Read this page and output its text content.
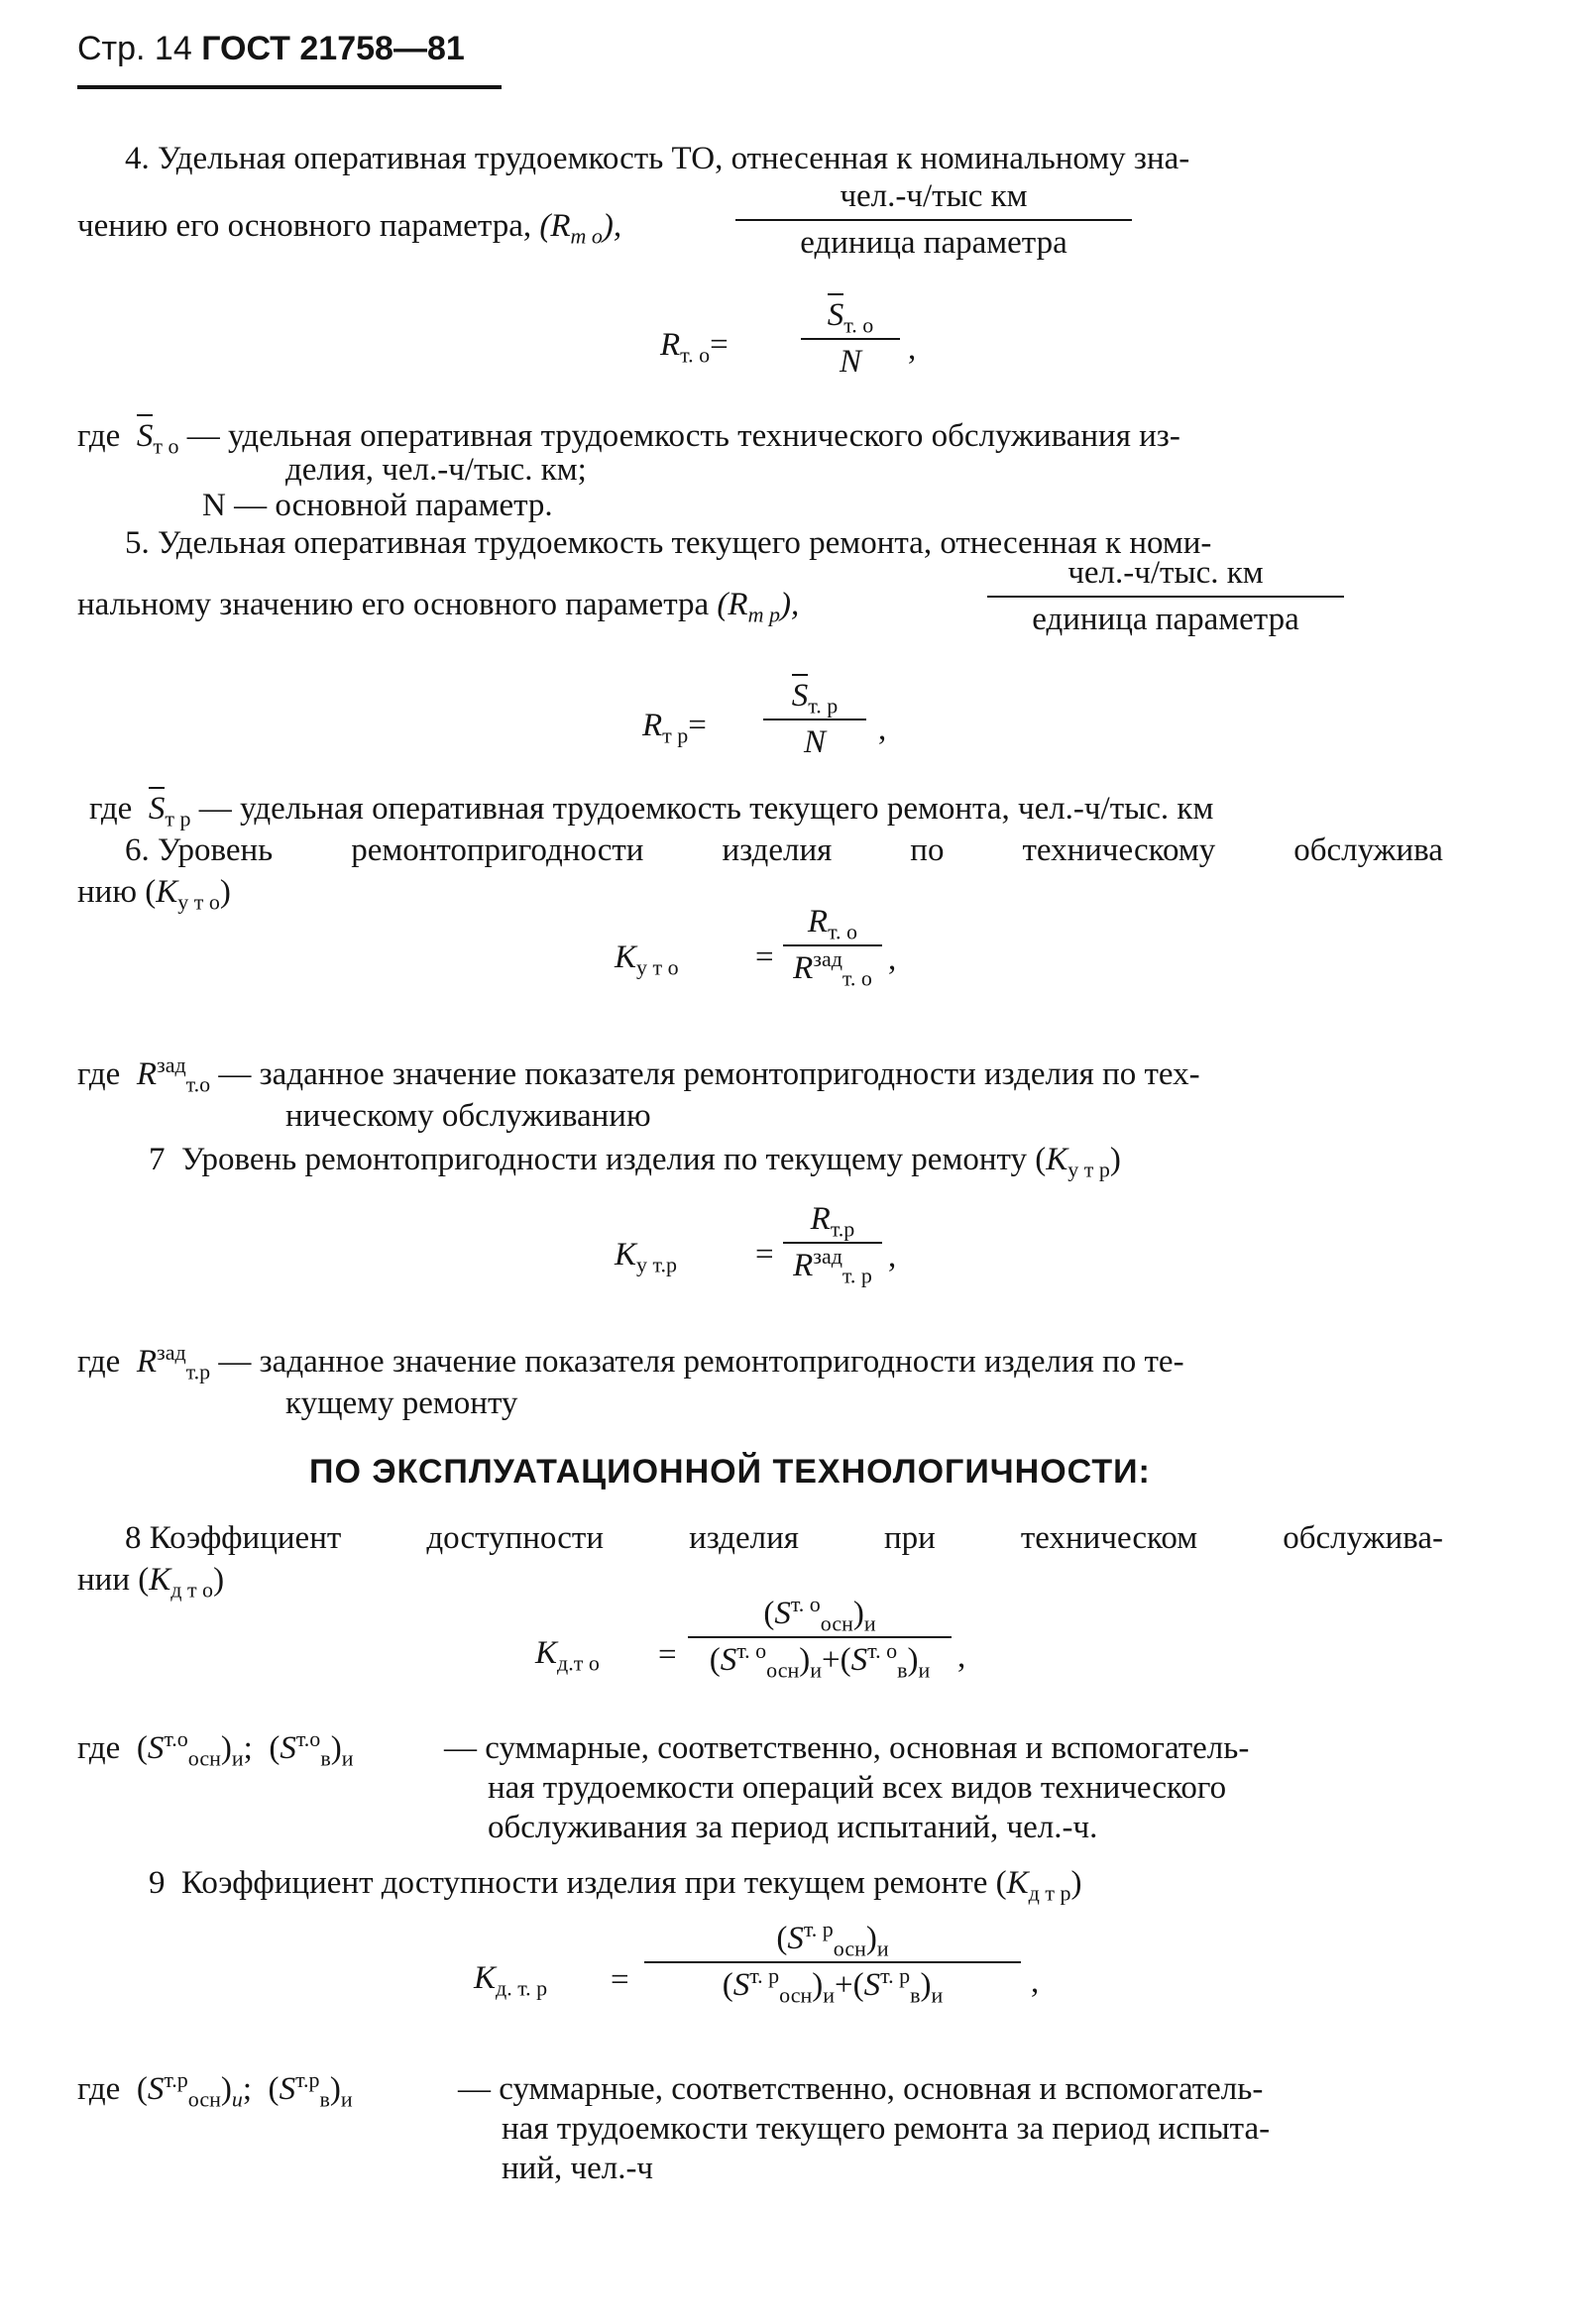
Стр. 14 ГОСТ 21758—81
4. Удельная оперативная трудоемкость ТО, отнесенная к номинальному зна-
чению его основного параметра, $(R_{т о})$,
чел.-ч/тыс км
единица параметра
$R_{т. о}=$
$S_{т. о}$
N ,
где $S_{т о}$ — удельная оперативная трудоемкость технического обслуживания из-
делия, чел.-ч/тыс. км;
N — основной параметр.
5. Удельная оперативная трудоемкость текущего ремонта, отнесенная к номи-
нальному значению его основного параметра $(R_{т р})$,
чел.-ч/тыс. км
единица параметра
$R_{т р}=$
$S_{т. р}$
N ,
где  $S_{т р}$ — удельная оперативная трудоемкость текущего ремонта, чел.-ч/тыс. км
6. Уровень ремонтопригодности изделия по техническому обслужива
нию $(K_{у т о})$
$K_{у т о}$ =
$R_{т. о}$
$R^{зад}_{т. о}$
,
где  $R^{зад}_{т.о}$ — заданное значение показателя ремонтопригодности изделия по тех-
ническому обслуживанию
7  Уровень ремонтопригодности изделия по текущему ремонту $(K_{у т р})$
$K_{у т.р}$ =
$R_{т.р}$
$R^{зад}_{т. р}$
,
где  $R^{зад}_{т.р}$ — заданное значение показателя ремонтопригодности изделия по те-
кущему ремонту
ПО ЭКСПЛУАТАЦИОННОЙ ТЕХНОЛОГИЧНОСТИ:
8 Коэффициент	доступности	изделия	при	техническом	обслужива-
нии $(K_{д т о})$
$K_{д.т о}$ =
$(S^{т. о}_{осн})_и$
$(S^{т. о}_{осн})_и+(S^{т. о}_в)_и$ ,
где  $(S^{т.о}_{осн})_и$;  $(S^{т.о}_в)_и$	— суммарные, соответственно, основная и вспомогатель-
ная трудоемкости операций всех видов технического
обслуживания за период испытаний, чел.-ч.
9  Коэффициент доступности изделия при текущем ремонте $(K_{д т р})$
$K_{д. т. р}$ =
$(S^{т. р}_{осн})_и$
$(S^{т. р}_{осн})_и+(S^{т. р}_в)_и$	,
где  $(S^{т.р}_{осн})_и$;  $(S^{т.р}_в)_и$	— суммарные, соответственно, основная и вспомогатель-
ная трудоемкости текущего ремонта за период испыта-
ний, чел.-ч
